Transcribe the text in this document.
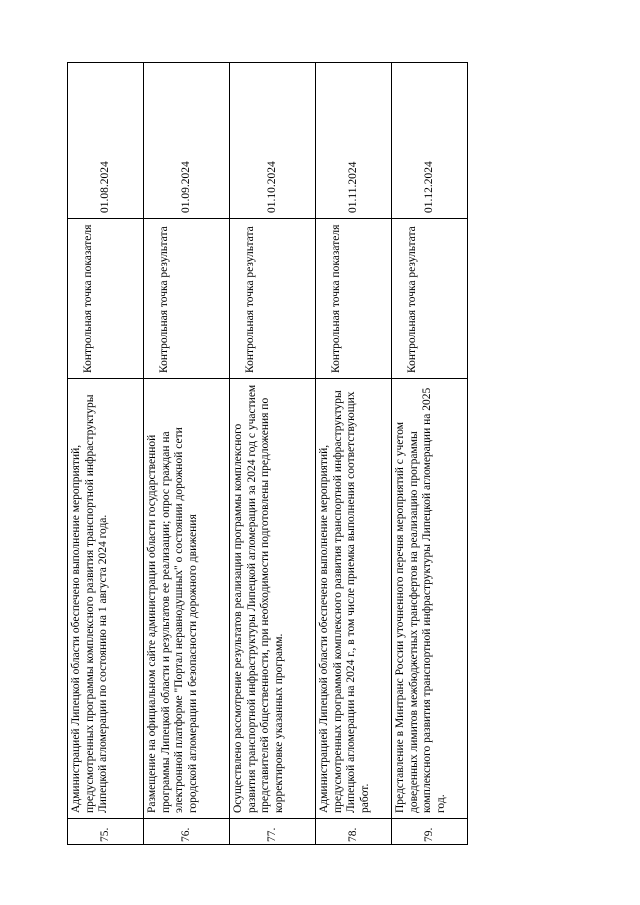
75.	Администрацией Липецкой области обеспечено выполнение мероприятий, предусмотренных программы комплексного развития транспортной инфраструктуры Липецкой агломерации по состоянию на 1 августа 2024 года.	Контрольная точка показателя	01.08.2024
76.	Размещение на официальном сайте администрации области государственной программы Липецкой области и результатов ее реализации; опрос граждан на электронной платформе "Портал неравнодушных" о состоянии дорожной сети городской агломерации и безопасности дорожного движения	Контрольная точка результата	01.09.2024
77.	Осуществлено рассмотрение результатов реализации программы комплексного развития транспортной инфраструктуры Липецкой агломерации за 2024 год с участием представителей общественности, при необходимости подготовлены предложения по корректировке указанных программ.	Контрольная точка результата	01.10.2024
78.	Администрацией Липецкой области обеспечено выполнение мероприятий, предусмотренных программой комплексного развития транспортной инфраструктуры Липецкой агломерации на 2024 г., в том числе приемка выполнения соответствующих работ.	Контрольная точка показателя	01.11.2024
79.	Представление в Минтранс России уточненного перечня мероприятий с учетом доведенных лимитов межбюджетных трансфертов на реализацию программы комплексного развития транспортной инфраструктуры Липецкой агломерации на 2025 год.	Контрольная точка результата	01.12.2024
